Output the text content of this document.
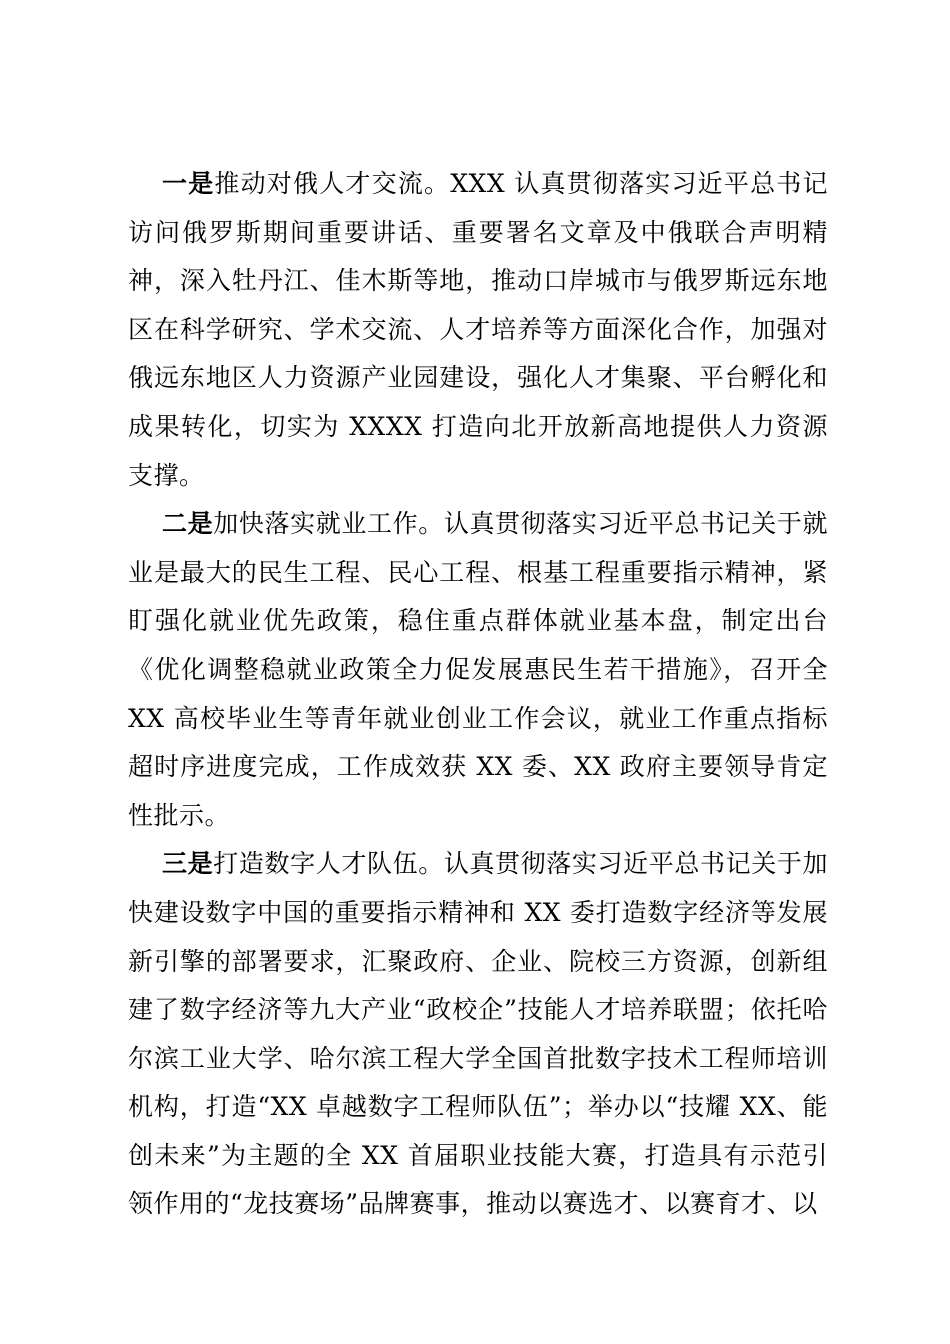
一是推动对俄人才交流。XXX 认真贯彻落实习近平总书记访问俄罗斯期间重要讲话、重要署名文章及中俄联合声明精神，深入牡丹江、佳木斯等地，推动口岸城市与俄罗斯远东地区在科学研究、学术交流、人才培养等方面深化合作，加强对俄远东地区人力资源产业园建设，强化人才集聚、平台孵化和成果转化，切实为 XXXX 打造向北开放新高地提供人力资源支撑。

二是加快落实就业工作。认真贯彻落实习近平总书记关于就业是最大的民生工程、民心工程、根基工程重要指示精神，紧盯强化就业优先政策，稳住重点群体就业基本盘，制定出台《优化调整稳就业政策全力促发展惠民生若干措施》，召开全XX 高校毕业生等青年就业创业工作会议，就业工作重点指标超时序进度完成，工作成效获 XX 委、XX 政府主要领导肯定性批示。

三是打造数字人才队伍。认真贯彻落实习近平总书记关于加快建设数字中国的重要指示精神和 XX 委打造数字经济等发展新引擎的部署要求，汇聚政府、企业、院校三方资源，创新组建了数字经济等九大产业“政校企”技能人才培养联盟；依托哈尔滨工业大学、哈尔滨工程大学全国首批数字技术工程师培训机构，打造“XX 卓越数字工程师队伍”；举办以“技耀 XX、能创未来”为主题的全 XX 首届职业技能大赛，打造具有示范引领作用的“龙技赛场”品牌赛事，推动以赛选才、以赛育才、以
